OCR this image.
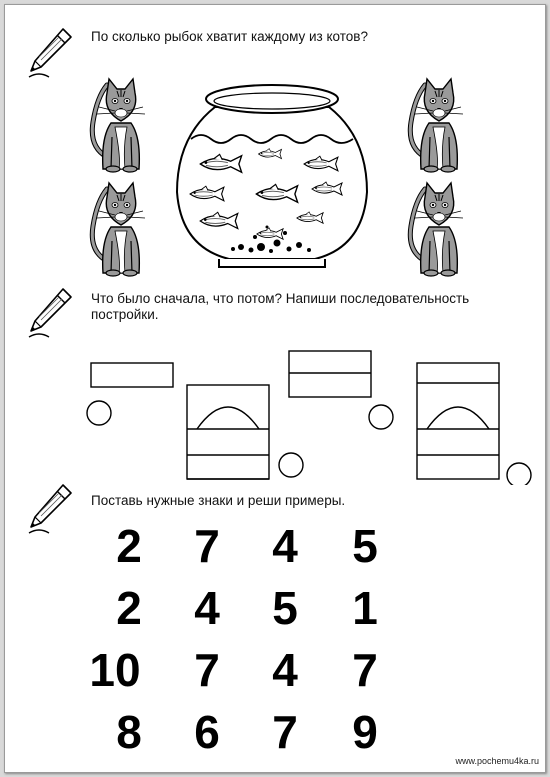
По сколько рыбок хватит каждому из котов?
Что было сначала, что потом? Напиши последовательность
постройки.
Поставь нужные знаки и реши примеры.
2	7	4	5
2	4	5	1
10	7	4	7
8	6	7	9
www.pochemu4ka.ru
